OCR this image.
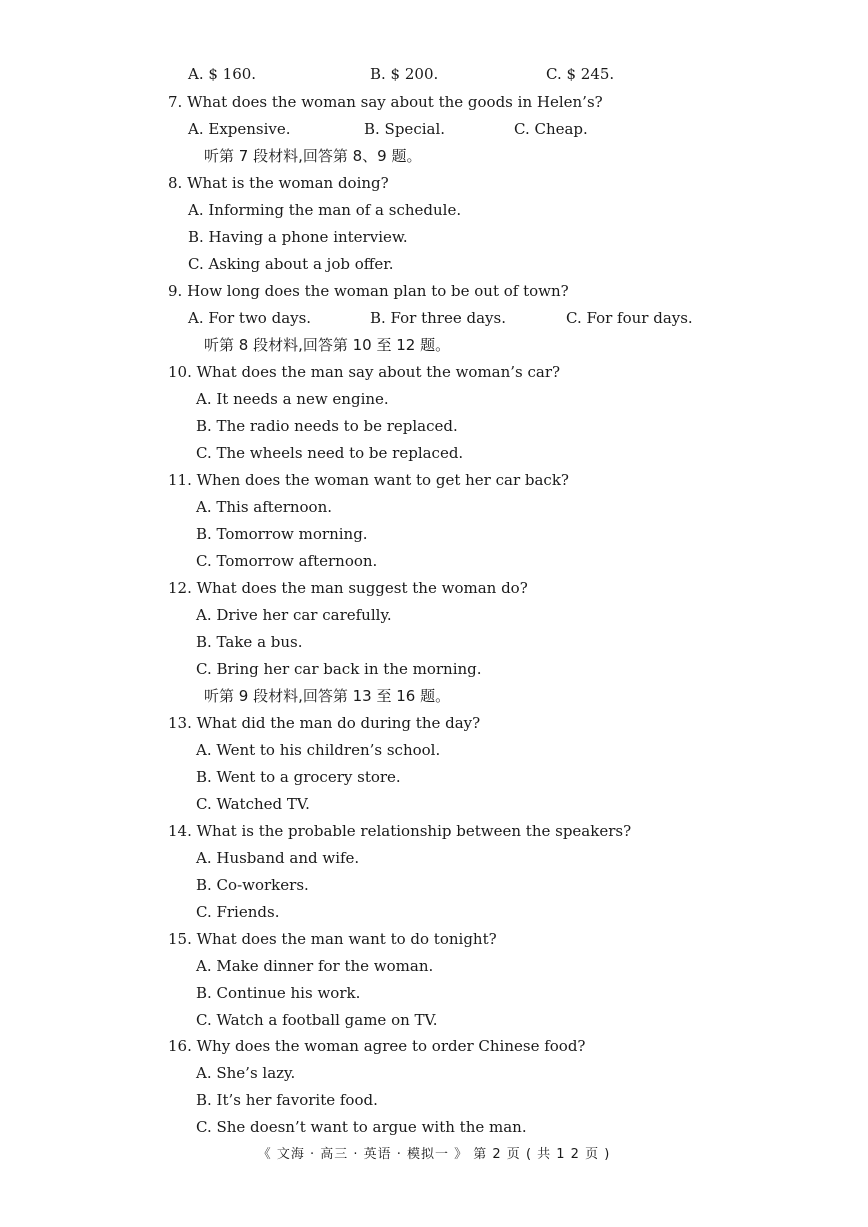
A. $ 160.	B. $ 200.	C. $ 245.
7. What does the woman say about the goods in Helen’s?
A. Expensive.	B. Special.	C. Cheap.
听第 7 段材料,回答第 8、9 题。
8. What is the woman doing?
A. Informing the man of a schedule.
B. Having a phone interview.
C. Asking about a job offer.
9. How long does the woman plan to be out of town?
A. For two days.	B. For three days.	C. For four days.
听第 8 段材料,回答第 10 至 12 题。
10. What does the man say about the woman’s car?
A. It needs a new engine.
B. The radio needs to be replaced.
C. The wheels need to be replaced.
11. When does the woman want to get her car back?
A. This afternoon.
B. Tomorrow morning.
C. Tomorrow afternoon.
12. What does the man suggest the woman do?
A. Drive her car carefully.
B. Take a bus.
C. Bring her car back in the morning.
听第 9 段材料,回答第 13 至 16 题。
13. What did the man do during the day?
A. Went to his children’s school.
B. Went to a grocery store.
C. Watched TV.
14. What is the probable relationship between the speakers?
A. Husband and wife.
B. Co-workers.
C. Friends.
15. What does the man want to do tonight?
A. Make dinner for the woman.
B. Continue his work.
C. Watch a football game on TV.
16. Why does the woman agree to order Chinese food?
A. She’s lazy.
B. It’s her favorite food.
C. She doesn’t want to argue with the man.
《 文海 · 高三 · 英语 · 模拟一 》 第 2 页 ( 共 1 2 页 )
